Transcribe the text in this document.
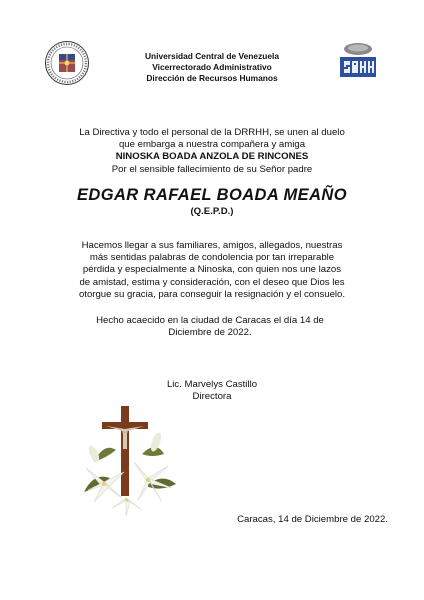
Universidad Central de Venezuela
Vicerrectorado Administrativo
Dirección de Recursos Humanos
La Directiva y todo el personal de la DRRHH, se unen al duelo
que embarga a nuestra compañera y amiga
NINOSKA BOADA ANZOLA DE RINCONES
Por el sensible fallecimiento de su Señor padre
EDGAR RAFAEL BOADA MEAÑO
(Q.E.P.D.)
Hacemos llegar a sus familiares, amigos, allegados, nuestras
más sentidas palabras de condolencia por tan irreparable
pérdida y especialmente a Ninoska, con quien nos une lazos
de amistad, estima y consideración, con el deseo que Dios les
otorgue su gracia, para conseguir la resignación y el consuelo.
Hecho acaecido en la ciudad de Caracas el día 14 de
Diciembre de 2022.
Lic. Marvelys Castillo
Directora
Caracas, 14 de Diciembre de 2022.
